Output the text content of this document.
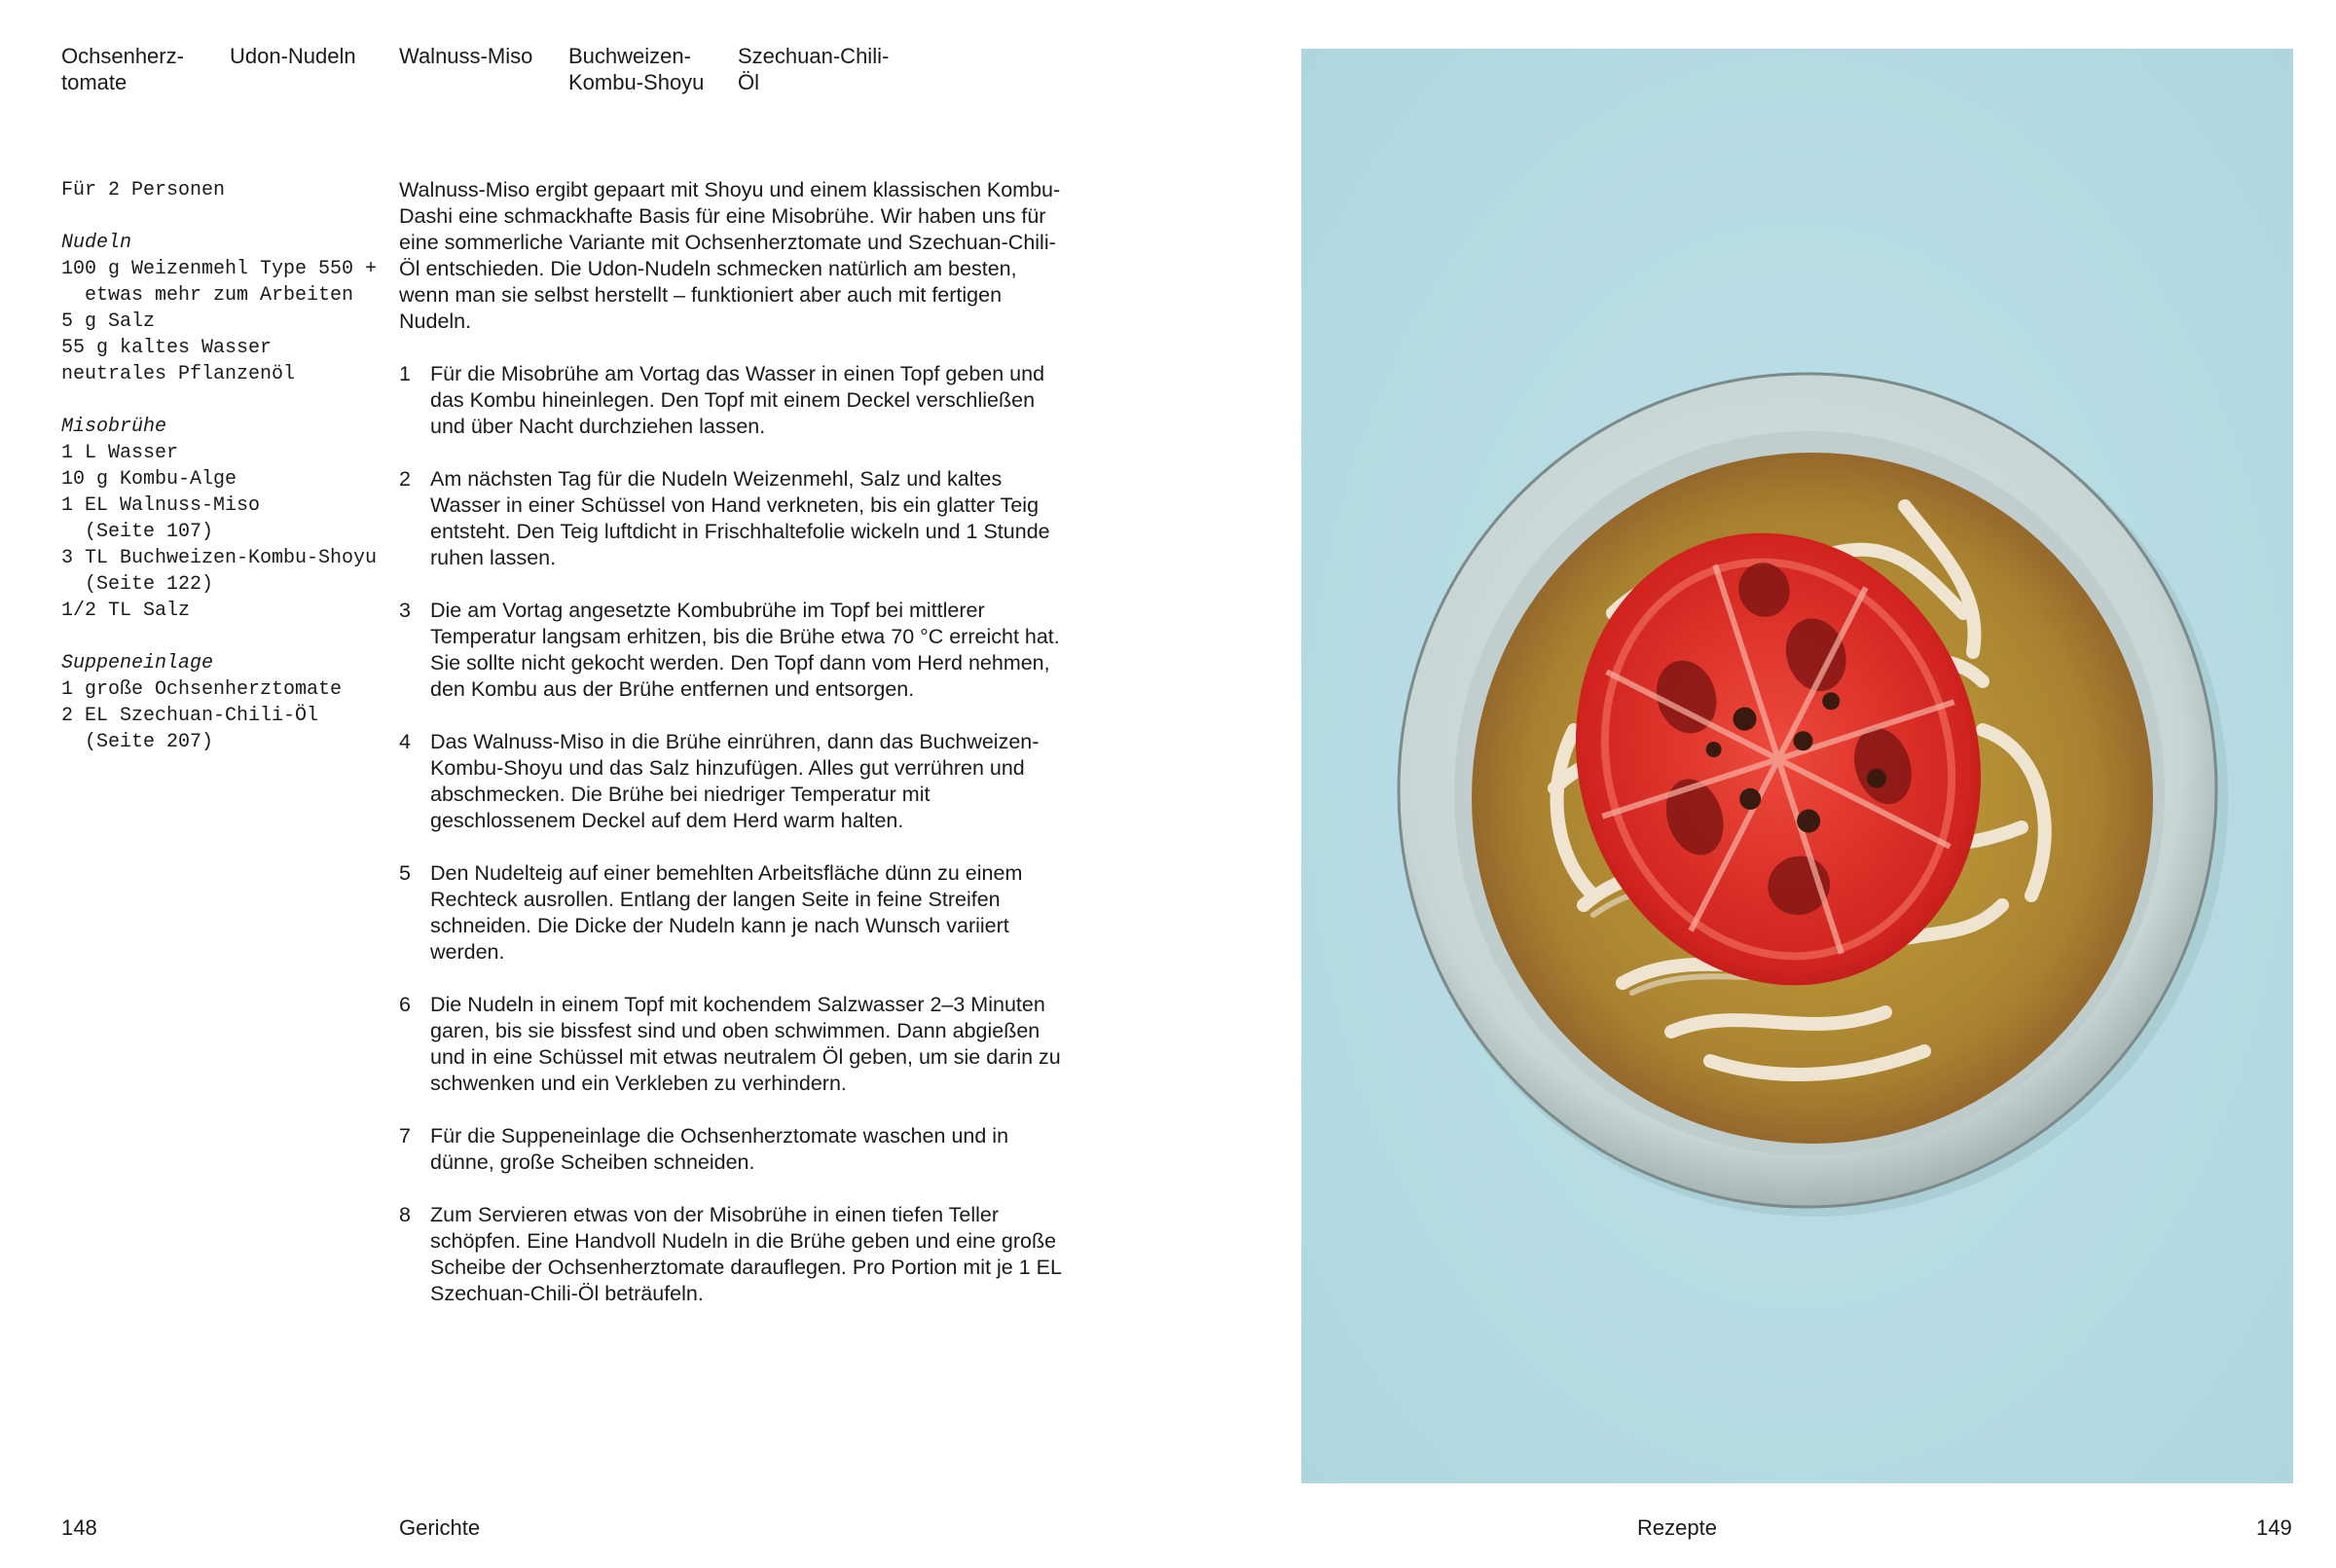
Ochsenherz-
tomate
Udon-Nudeln Walnuss-Miso Buchweizen-
Kombu-Shoyu
Szechuan-Chili-
Öl
Für 2 Personen
Nudeln
100 g Weizenmehl Type 550 +
etwas mehr zum Arbeiten
5 g Salz
55 g kaltes Wasser
neutrales Pflanzenöl
Misobrühe
1 L Wasser
10 g Kombu-Alge
1 EL Walnuss-Miso
(Seite 107)
3 TL Buchweizen-Kombu-Shoyu
(Seite 122)
1/2 TL Salz
Suppeneinlage
1 große Ochsenherztomate
2 EL Szechuan-Chili-Öl
(Seite 207)

Walnuss-Miso ergibt gepaart mit Shoyu und einem klassischen Kombu-Dashi eine schmackhafte Basis für eine Misobrühe. Wir haben uns für eine sommerliche Variante mit Ochsenherztomate und Szechuan-Chili-Öl entschieden. Die Udon-Nudeln schmecken natürlich am besten, wenn man sie selbst herstellt – funktioniert aber auch mit fertigen Nudeln.

1 Für die Misobrühe am Vortag das Wasser in einen Topf geben und das Kombu hineinlegen. Den Topf mit einem Deckel verschließen und über Nacht durchziehen lassen.
2 Am nächsten Tag für die Nudeln Weizenmehl, Salz und kaltes Wasser in einer Schüssel von Hand verkneten, bis ein glatter Teig entsteht. Den Teig luftdicht in Frischhaltefolie wickeln und 1 Stunde ruhen lassen.
3 Die am Vortag angesetzte Kombubrühe im Topf bei mittlerer Temperatur langsam erhitzen, bis die Brühe etwa 70 °C erreicht hat. Sie sollte nicht gekocht werden. Den Topf dann vom Herd nehmen, den Kombu aus der Brühe entfernen und entsorgen.
4 Das Walnuss-Miso in die Brühe einrühren, dann das Buchweizen-Kombu-Shoyu und das Salz hinzufügen. Alles gut verrühren und abschmecken. Die Brühe bei niedriger Temperatur mit geschlossenem Deckel auf dem Herd warm halten.
5 Den Nudelteig auf einer bemehlten Arbeitsfläche dünn zu einem Rechteck ausrollen. Entlang der langen Seite in feine Streifen schneiden. Die Dicke der Nudeln kann je nach Wunsch variiert werden.
6 Die Nudeln in einem Topf mit kochendem Salzwasser 2–3 Minuten garen, bis sie bissfest sind und oben schwimmen. Dann abgießen und in eine Schüssel mit etwas neutralem Öl geben, um sie darin zu schwenken und ein Verkleben zu verhindern.
7 Für die Suppeneinlage die Ochsenherztomate waschen und in dünne, große Scheiben schneiden.
8 Zum Servieren etwas von der Misobrühe in einen tiefen Teller schöpfen. Eine Handvoll Nudeln in die Brühe geben und eine große Scheibe der Ochsenherztomate darauflegen. Pro Portion mit je 1 EL Szechuan-Chili-Öl beträufeln.
148	Gerichte	Rezepte	149
